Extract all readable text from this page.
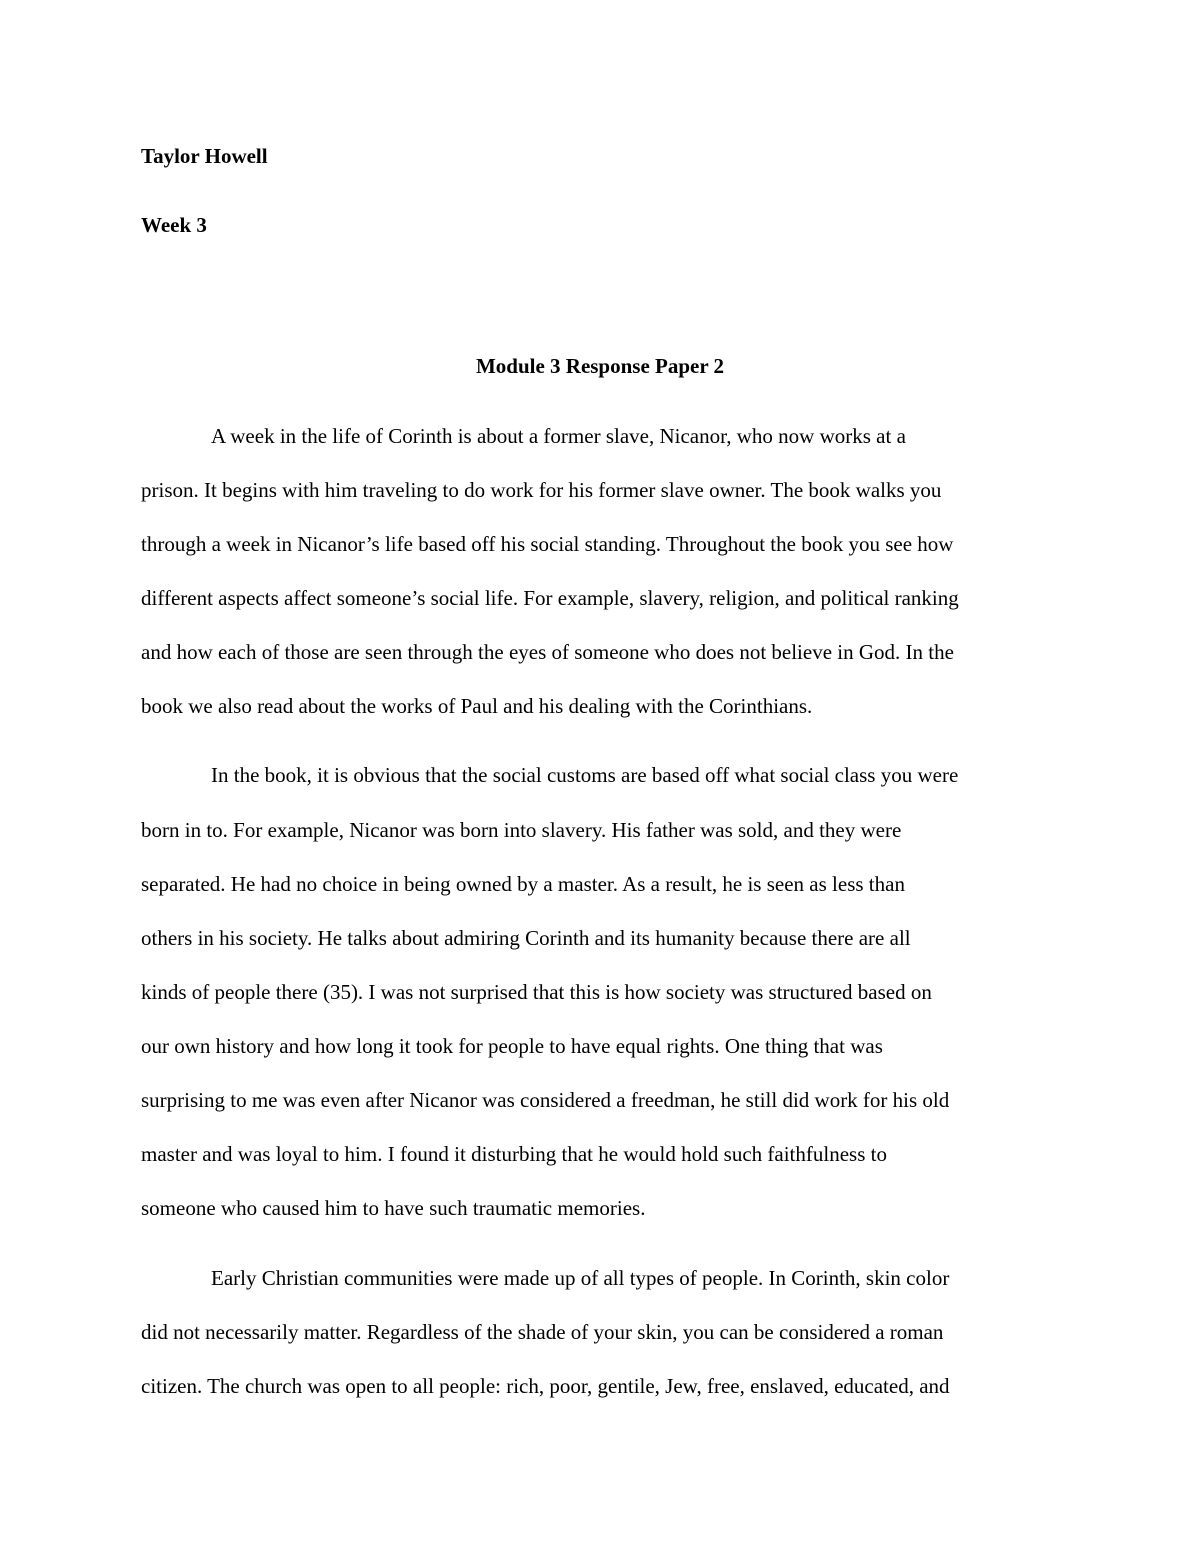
Taylor Howell
Week 3
Module 3 Response Paper 2
A week in the life of Corinth is about a former slave, Nicanor, who now works at a
prison. It begins with him traveling to do work for his former slave owner. The book walks you
through a week in Nicanor’s life based off his social standing. Throughout the book you see how
different aspects affect someone’s social life. For example, slavery, religion, and political ranking
and how each of those are seen through the eyes of someone who does not believe in God. In the
book we also read about the works of Paul and his dealing with the Corinthians.
In the book, it is obvious that the social customs are based off what social class you were
born in to. For example, Nicanor was born into slavery. His father was sold, and they were
separated. He had no choice in being owned by a master. As a result, he is seen as less than
others in his society. He talks about admiring Corinth and its humanity because there are all
kinds of people there (35). I was not surprised that this is how society was structured based on
our own history and how long it took for people to have equal rights. One thing that was
surprising to me was even after Nicanor was considered a freedman, he still did work for his old
master and was loyal to him. I found it disturbing that he would hold such faithfulness to
someone who caused him to have such traumatic memories.
Early Christian communities were made up of all types of people. In Corinth, skin color
did not necessarily matter. Regardless of the shade of your skin, you can be considered a roman
citizen. The church was open to all people: rich, poor, gentile, Jew, free, enslaved, educated, and
